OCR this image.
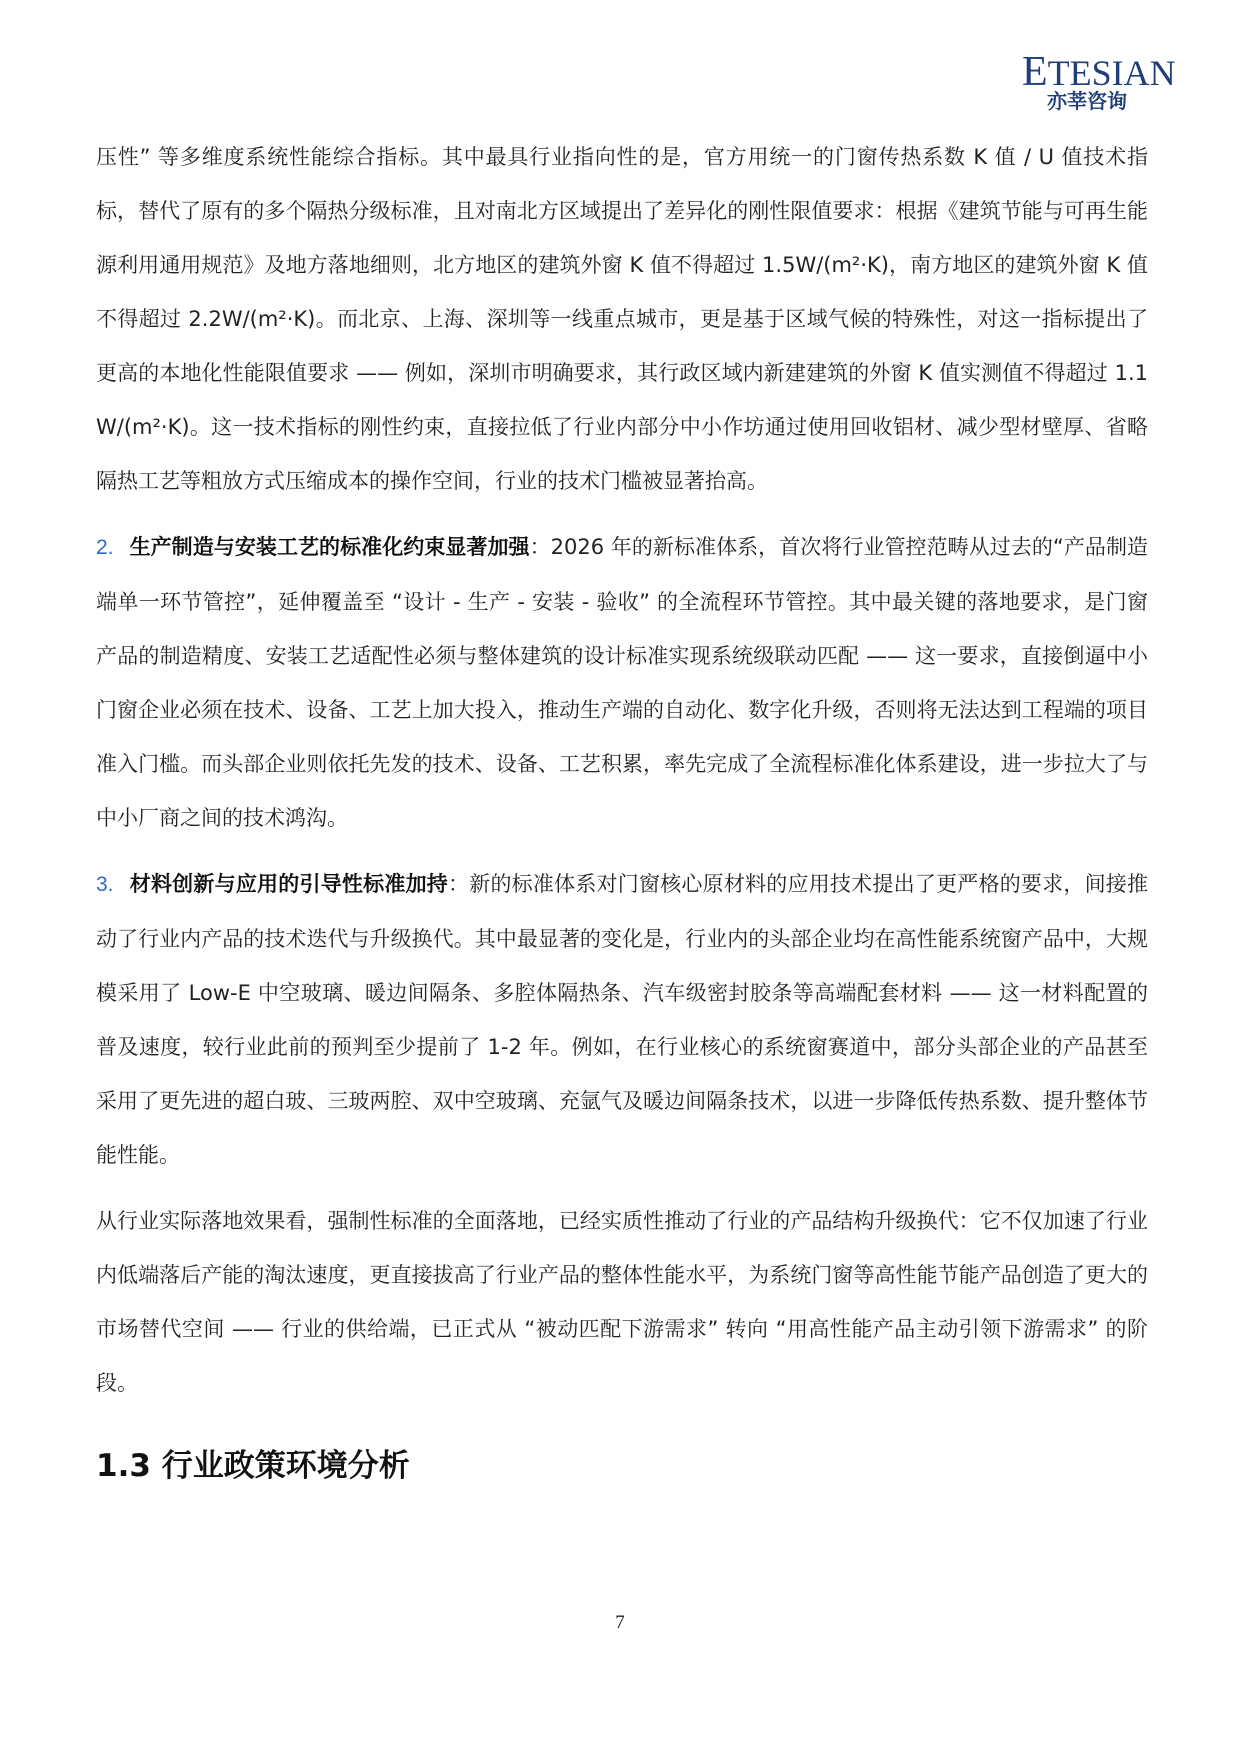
ETESIAN
亦莘咨询

压性” 等多维度系统性能综合指标。其中最具行业指向性的是，官方用统一的门窗传热系数 K 值 / U 值技术指标，替代了原有的多个隔热分级标准，且对南北方区域提出了差异化的刚性限值要求：根据《建筑节能与可再生能源利用通用规范》及地方落地细则，北方地区的建筑外窗 K 值不得超过 1.5W/(m²·K)，南方地区的建筑外窗 K 值不得超过 2.2W/(m²·K)。而北京、上海、深圳等一线重点城市，更是基于区域气候的特殊性，对这一指标提出了更高的本地化性能限值要求 —— 例如，深圳市明确要求，其行政区域内新建建筑的外窗 K 值实测值不得超过 1.1W/(m²·K)。这一技术指标的刚性约束，直接拉低了行业内部分中小作坊通过使用回收铝材、减少型材壁厚、省略隔热工艺等粗放方式压缩成本的操作空间，行业的技术门槛被显著抬高。

2. 生产制造与安装工艺的标准化约束显著加强：2026 年的新标准体系，首次将行业管控范畴从过去的“产品制造端单一环节管控”，延伸覆盖至 “设计 - 生产 - 安装 - 验收” 的全流程环节管控。其中最关键的落地要求，是门窗产品的制造精度、安装工艺适配性必须与整体建筑的设计标准实现系统级联动匹配 —— 这一要求，直接倒逼中小门窗企业必须在技术、设备、工艺上加大投入，推动生产端的自动化、数字化升级，否则将无法达到工程端的项目准入门槛。而头部企业则依托先发的技术、设备、工艺积累，率先完成了全流程标准化体系建设，进一步拉大了与中小厂商之间的技术鸿沟。

3. 材料创新与应用的引导性标准加持：新的标准体系对门窗核心原材料的应用技术提出了更严格的要求，间接推动了行业内产品的技术迭代与升级换代。其中最显著的变化是，行业内的头部企业均在高性能系统窗产品中，大规模采用了 Low-E 中空玻璃、暖边间隔条、多腔体隔热条、汽车级密封胶条等高端配套材料 —— 这一材料配置的普及速度，较行业此前的预判至少提前了 1-2 年。例如，在行业核心的系统窗赛道中，部分头部企业的产品甚至采用了更先进的超白玻、三玻两腔、双中空玻璃、充氩气及暖边间隔条技术，以进一步降低传热系数、提升整体节能性能。

从行业实际落地效果看，强制性标准的全面落地，已经实质性推动了行业的产品结构升级换代：它不仅加速了行业内低端落后产能的淘汰速度，更直接拔高了行业产品的整体性能水平，为系统门窗等高性能节能产品创造了更大的市场替代空间 —— 行业的供给端，已正式从 “被动匹配下游需求” 转向 “用高性能产品主动引领下游需求” 的阶段。

1.3 行业政策环境分析
7
